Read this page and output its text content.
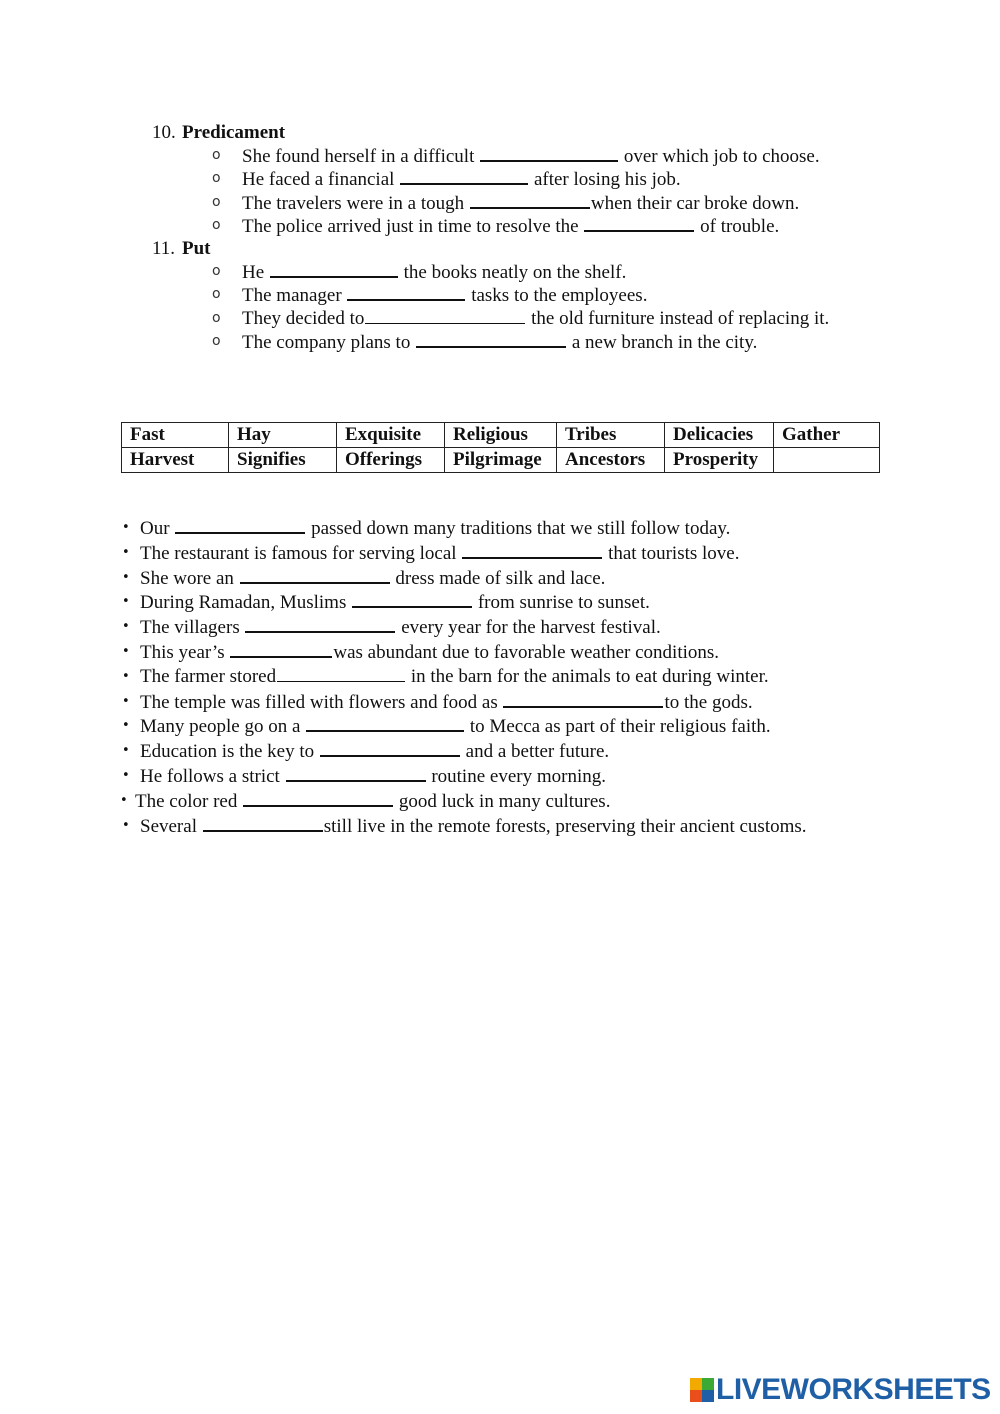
10. Predicament
o She found herself in a difficult	over which job to choose.
o He faced a financial	after losing his job.
o The travelers were in a tough	when their car broke down.
o The police arrived just in time to resolve the	of trouble.
11. Put
o He	the books neatly on the shelf.
o The manager	tasks to the employees.
o They decided to	the old furniture instead of replacing it.
o The company plans to	a new branch in the city.
Fast	Hay	Exquisite	Religious	Tribes	Delicacies	Gather
Harvest	Signifies	Offerings	Pilgrimage	Ancestors	Prosperity	
• Our	passed down many traditions that we still follow today.
• The restaurant is famous for serving local	that tourists love.
• She wore an	dress made of silk and lace.
• During Ramadan, Muslims	from sunrise to sunset.
• The villagers	every year for the harvest festival.
• This year’s	was abundant due to favorable weather conditions.
• The farmer stored	in the barn for the animals to eat during winter.
• The temple was filled with flowers and food as	to the gods.
• Many people go on a	to Mecca as part of their religious faith.
• Education is the key to	and a better future.
• He follows a strict	routine every morning.
• The color red	good luck in many cultures.
• Several	still live in the remote forests, preserving their ancient customs.
LIVEWORKSHEETS
